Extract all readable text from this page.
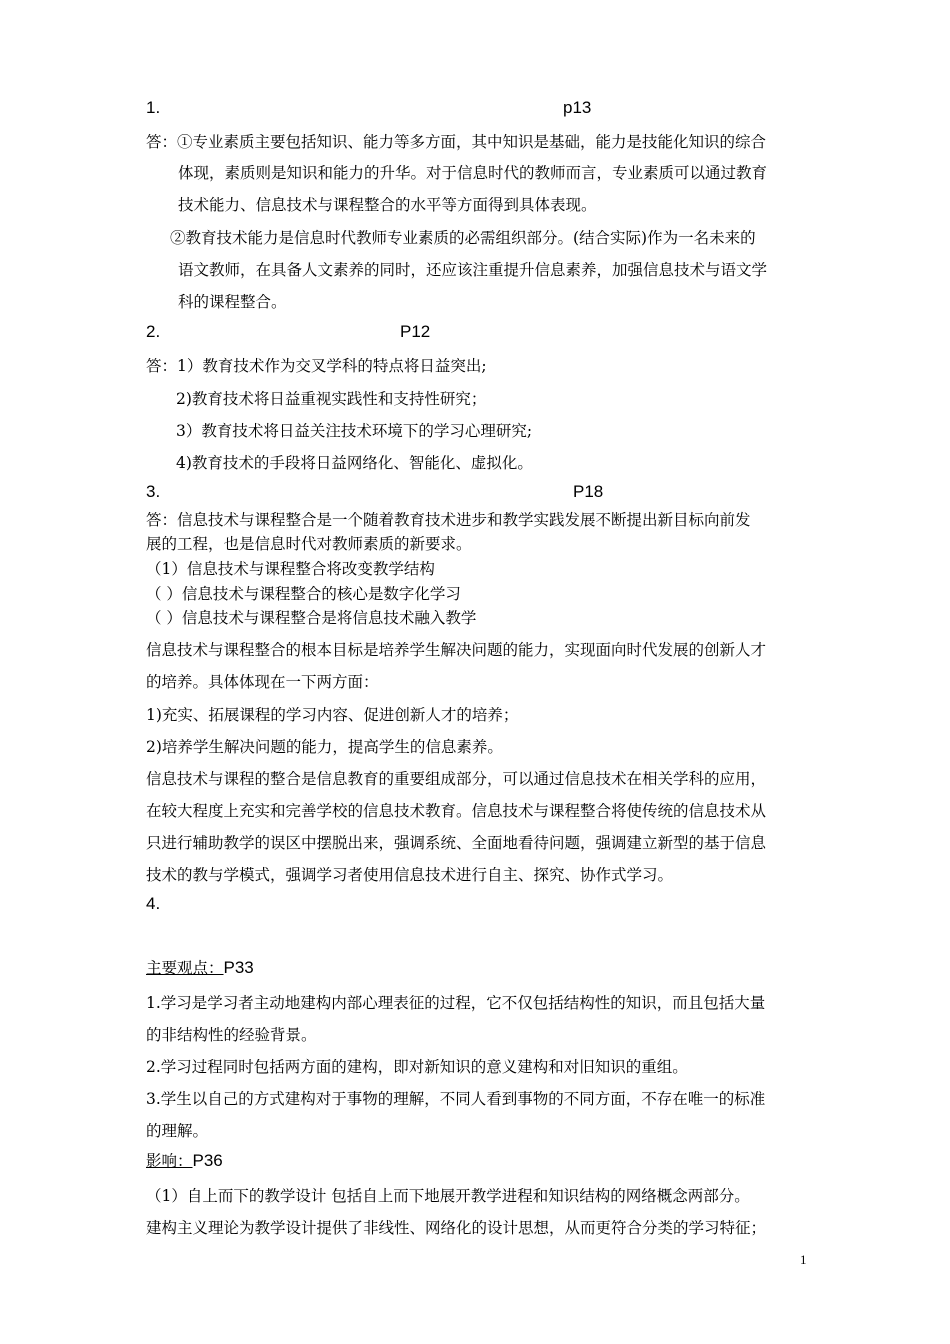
1.	p13
答：①专业素质主要包括知识、能力等多方面，其中知识是基础，能力是技能化知识的综合
体现，素质则是知识和能力的升华。对于信息时代的教师而言，专业素质可以通过教育
技术能力、信息技术与课程整合的水平等方面得到具体表现。
②教育技术能力是信息时代教师专业素质的必需组织部分。(结合实际)作为一名未来的
语文教师，在具备人文素养的同时，还应该注重提升信息素养，加强信息技术与语文学
科的课程整合。
2.	P12
答：1）教育技术作为交叉学科的特点将日益突出;
2)教育技术将日益重视实践性和支持性研究；
3）教育技术将日益关注技术环境下的学习心理研究;
4)教育技术的手段将日益网络化、智能化、虚拟化。
3.	P18
答：信息技术与课程整合是一个随着教育技术进步和教学实践发展不断提出新目标向前发
展的工程，也是信息时代对教师素质的新要求。
（1）信息技术与课程整合将改变教学结构
（ ）信息技术与课程整合的核心是数字化学习
（ ）信息技术与课程整合是将信息技术融入教学
信息技术与课程整合的根本目标是培养学生解决问题的能力，实现面向时代发展的创新人才
的培养。具体体现在一下两方面：
1)充实、拓展课程的学习内容、促进创新人才的培养；
2)培养学生解决问题的能力，提高学生的信息素养。
信息技术与课程的整合是信息教育的重要组成部分，可以通过信息技术在相关学科的应用，
在较大程度上充实和完善学校的信息技术教育。信息技术与课程整合将使传统的信息技术从
只进行辅助教学的误区中摆脱出来，强调系统、全面地看待问题，强调建立新型的基于信息
技术的教与学模式，强调学习者使用信息技术进行自主、探究、协作式学习。
4.
主要观点：P33
1.学习是学习者主动地建构内部心理表征的过程，它不仅包括结构性的知识，而且包括大量
的非结构性的经验背景。
2.学习过程同时包括两方面的建构，即对新知识的意义建构和对旧知识的重组。
3.学生以自己的方式建构对于事物的理解，不同人看到事物的不同方面，不存在唯一的标准
的理解。
影响：P36
（1）自上而下的教学设计 包括自上而下地展开教学进程和知识结构的网络概念两部分。
建构主义理论为教学设计提供了非线性、网络化的设计思想，从而更符合分类的学习特征；
1
